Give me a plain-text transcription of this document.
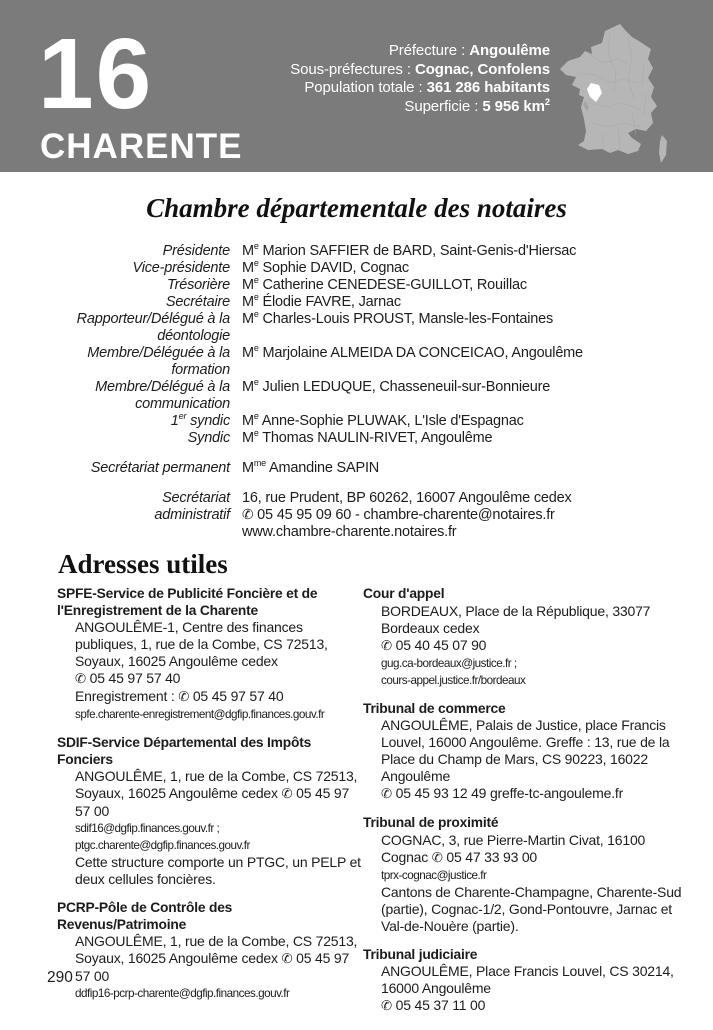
16
CHARENTE
Préfecture : Angoulême
Sous-préfectures : Cognac, Confolens
Population totale : 361 286 habitants
Superficie : 5 956 $km^2$
Chambre départementale des notaires
Présidente Me Marion SAFFIER de BARD, Saint-Genis-d'Hiersac
Vice-présidente Me Sophie DAVID, Cognac
Trésorière Me Catherine CENEDESE-GUILLOT, Rouillac
Secrétaire Me Élodie FAVRE, Jarnac
Rapporteur/Délégué à la
déontologie
Me Charles-Louis PROUST, Mansle-les-Fontaines
Membre/Déléguée à la
formation
Me Marjolaine ALMEIDA DA CONCEICAO, Angoulême
Membre/Délégué à la
communication
Me Julien LEDUQUE, Chasseneuil-sur-Bonnieure
1er syndic Me Anne-Sophie PLUWAK, L'Isle d'Espagnac
Syndic Me Thomas NAULIN-RIVET, Angoulême
Secrétariat permanent $M^{me}$ Amandine SAPIN
Secrétariat
administratif
16, rue Prudent, BP 60262, 16007 Angoulême cedex
✆ 05 45 95 09 60 - chambre-charente@notaires.fr
www.chambre-charente.notaires.fr
Adresses utiles
SPFE-Service de Publicité Foncière et de l'Enregistrement de la Charente
ANGOULÊME-1, Centre des finances publiques, 1, rue de la Combe, CS 72513, Soyaux, 16025 Angoulême cedex
✆ 05 45 97 57 40
Enregistrement : ✆ 05 45 97 57 40
spfe.charente-enregistrement@dgfip.finances.gouv.fr
SDIF-Service Départemental des Impôts Fonciers
ANGOULÊME, 1, rue de la Combe, CS 72513, Soyaux, 16025 Angoulême cedex ✆ 05 45 97 57 00
sdif16@dgfip.finances.gouv.fr ;
ptgc.charente@dgfip.finances.gouv.fr
Cette structure comporte un PTGC, un PELP et deux cellules foncières.
PCRP-Pôle de Contrôle des Revenus/Patrimoine
ANGOULÊME, 1, rue de la Combe, CS 72513, Soyaux, 16025 Angoulême cedex ✆ 05 45 97 57 00
ddfip16-pcrp-charente@dgfip.finances.gouv.fr
Cour d'appel
BORDEAUX, Place de la République, 33077 Bordeaux cedex
✆ 05 40 45 07 90
gug.ca-bordeaux@justice.fr ;
cours-appel.justice.fr/bordeaux
Tribunal de commerce
ANGOULÊME, Palais de Justice, place Francis Louvel, 16000 Angoulême. Greffe : 13, rue de la Place du Champ de Mars, CS 90223, 16022 Angoulême
✆ 05 45 93 12 49 greffe-tc-angouleme.fr
Tribunal de proximité
COGNAC, 3, rue Pierre-Martin Civat, 16100 Cognac ✆ 05 47 33 93 00
tprx-cognac@justice.fr
Cantons de Charente-Champagne, Charente-Sud (partie), Cognac-1/2, Gond-Pontouvre, Jarnac et Val-de-Nouère (partie).
Tribunal judiciaire
ANGOULÊME, Place Francis Louvel, CS 30214, 16000 Angoulême
✆ 05 45 37 11 00
290
